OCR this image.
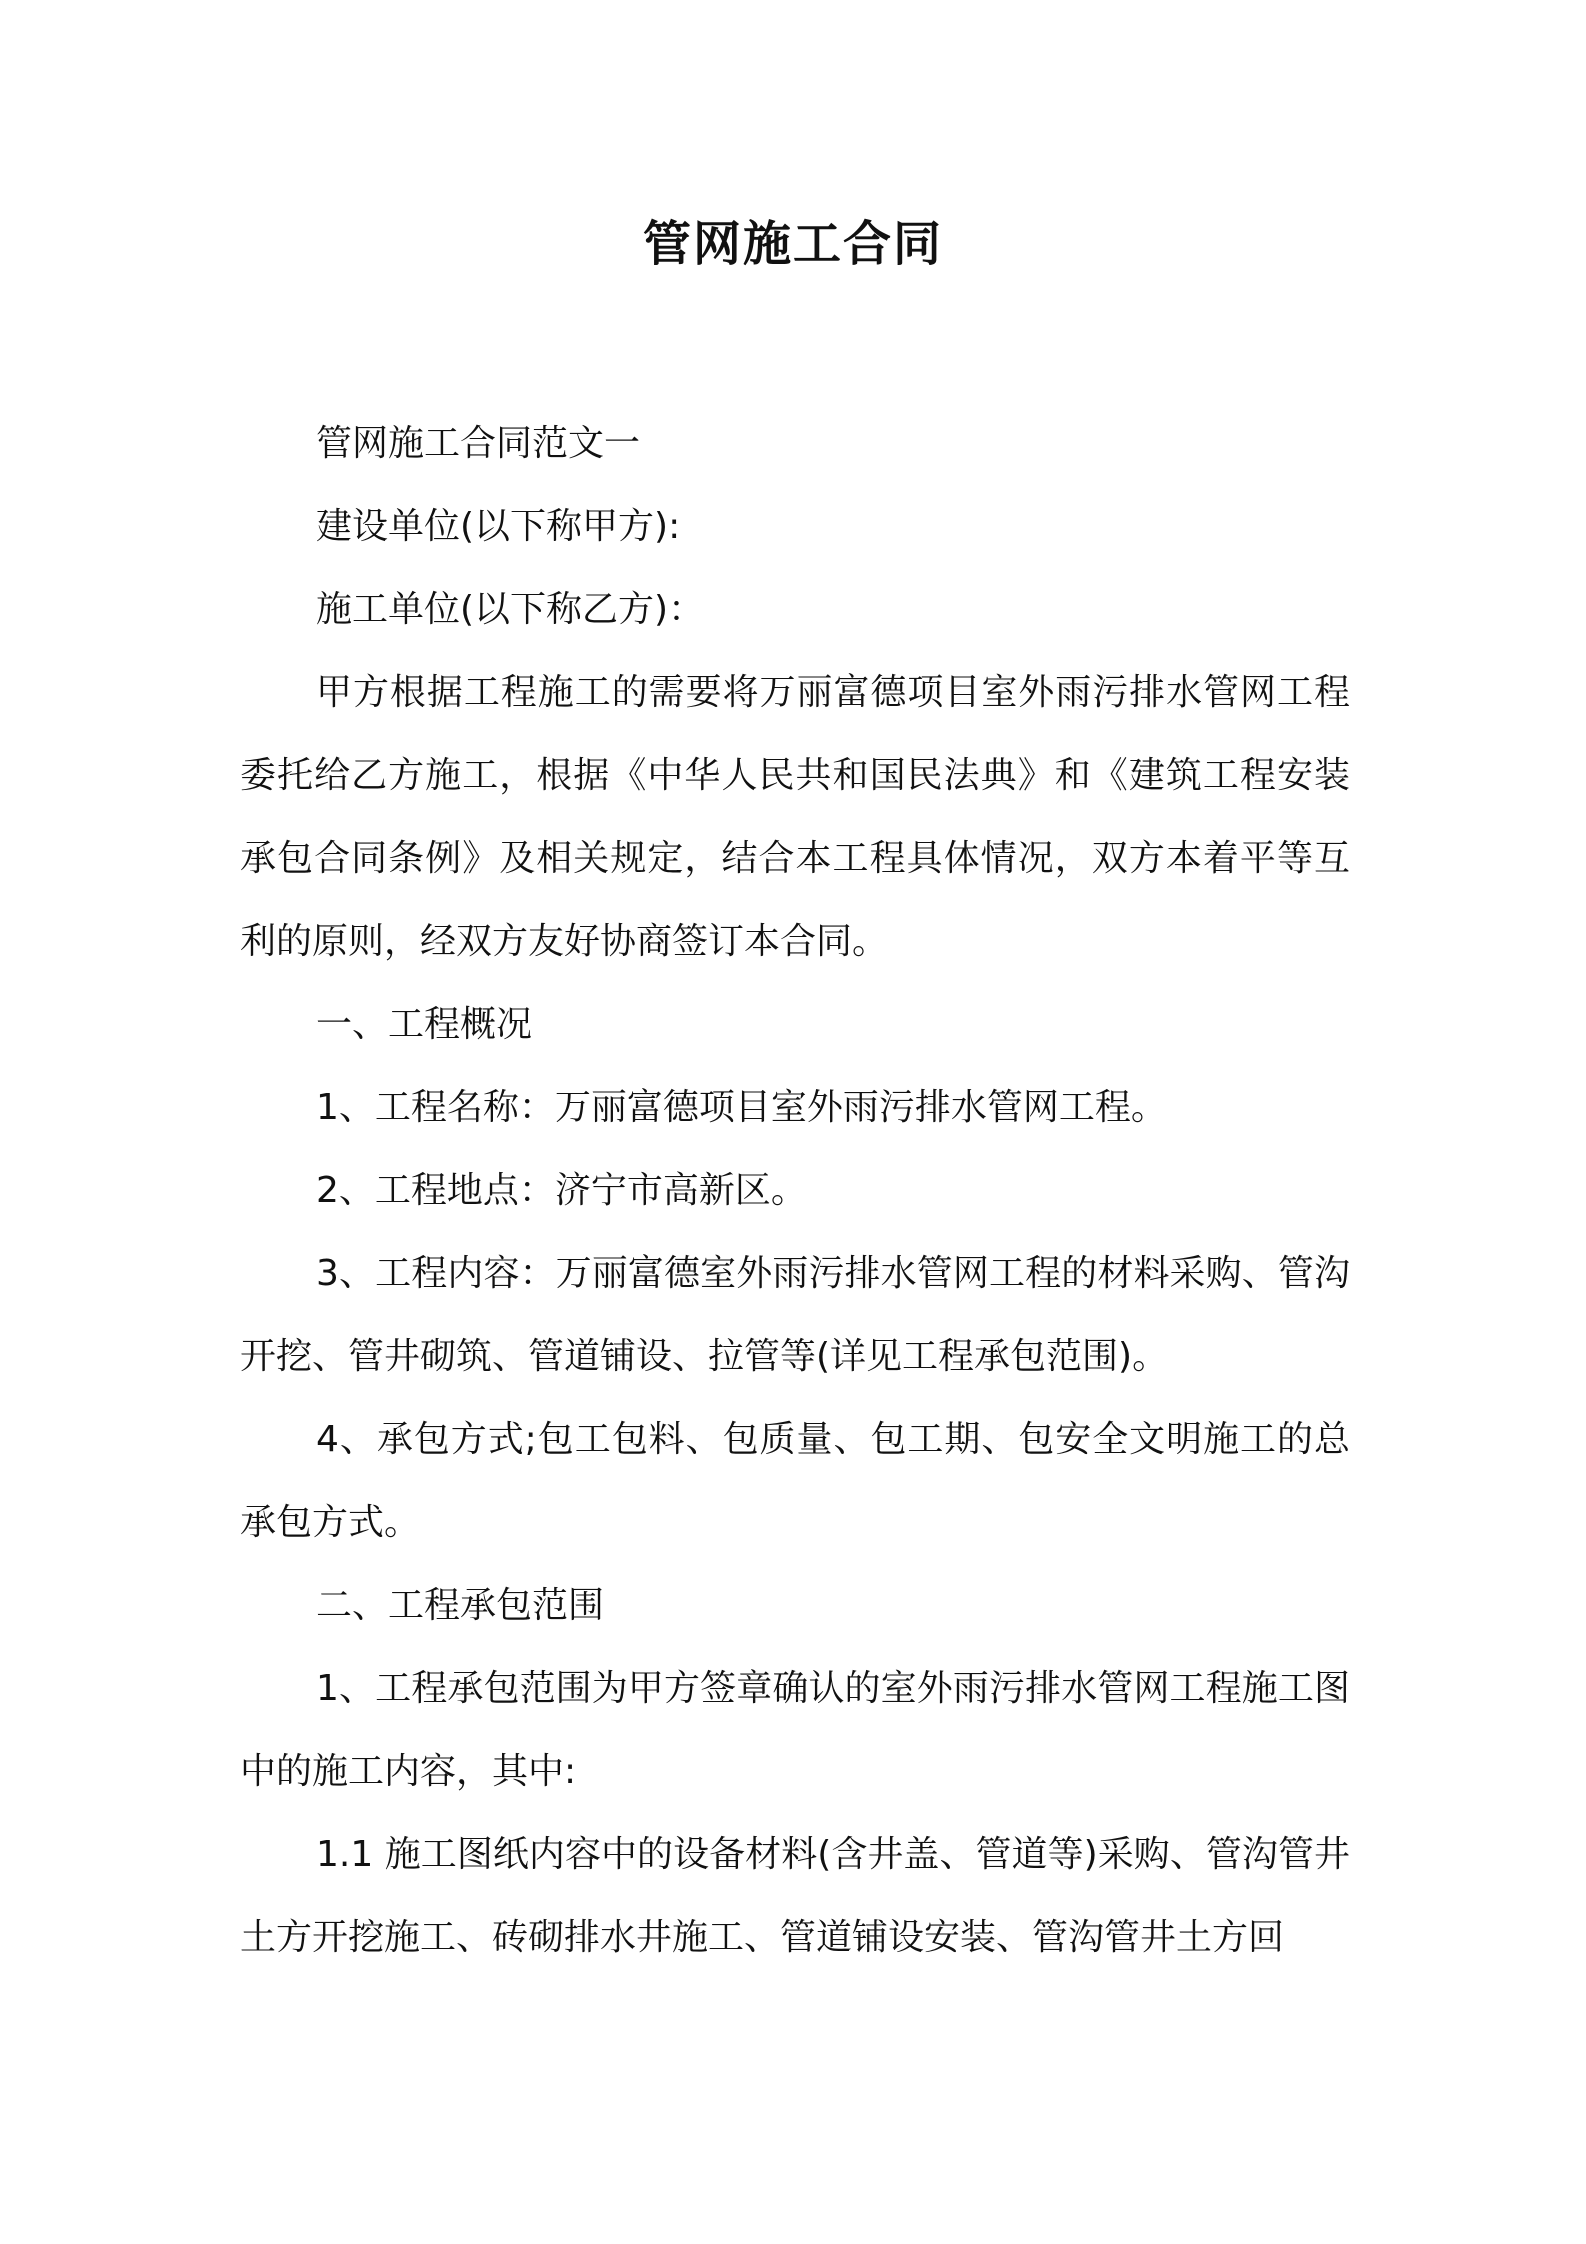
管网施工合同

管网施工合同范文一

建设单位(以下称甲方):

施工单位(以下称乙方)：

甲方根据工程施工的需要将万丽富德项目室外雨污排水管网工程委托给乙方施工，根据《中华人民共和国民法典》和《建筑工程安装承包合同条例》及相关规定，结合本工程具体情况，双方本着平等互利的原则，经双方友好协商签订本合同。

一、工程概况

1、工程名称：万丽富德项目室外雨污排水管网工程。

2、工程地点：济宁市高新区。

3、工程内容：万丽富德室外雨污排水管网工程的材料采购、管沟开挖、管井砌筑、管道铺设、拉管等(详见工程承包范围)。

4、承包方式;包工包料、包质量、包工期、包安全文明施工的总承包方式。

二、工程承包范围

1、工程承包范围为甲方签章确认的室外雨污排水管网工程施工图中的施工内容，其中:

1.1 施工图纸内容中的设备材料(含井盖、管道等)采购、管沟管井土方开挖施工、砖砌排水井施工、管道铺设安装、管沟管井土方回
